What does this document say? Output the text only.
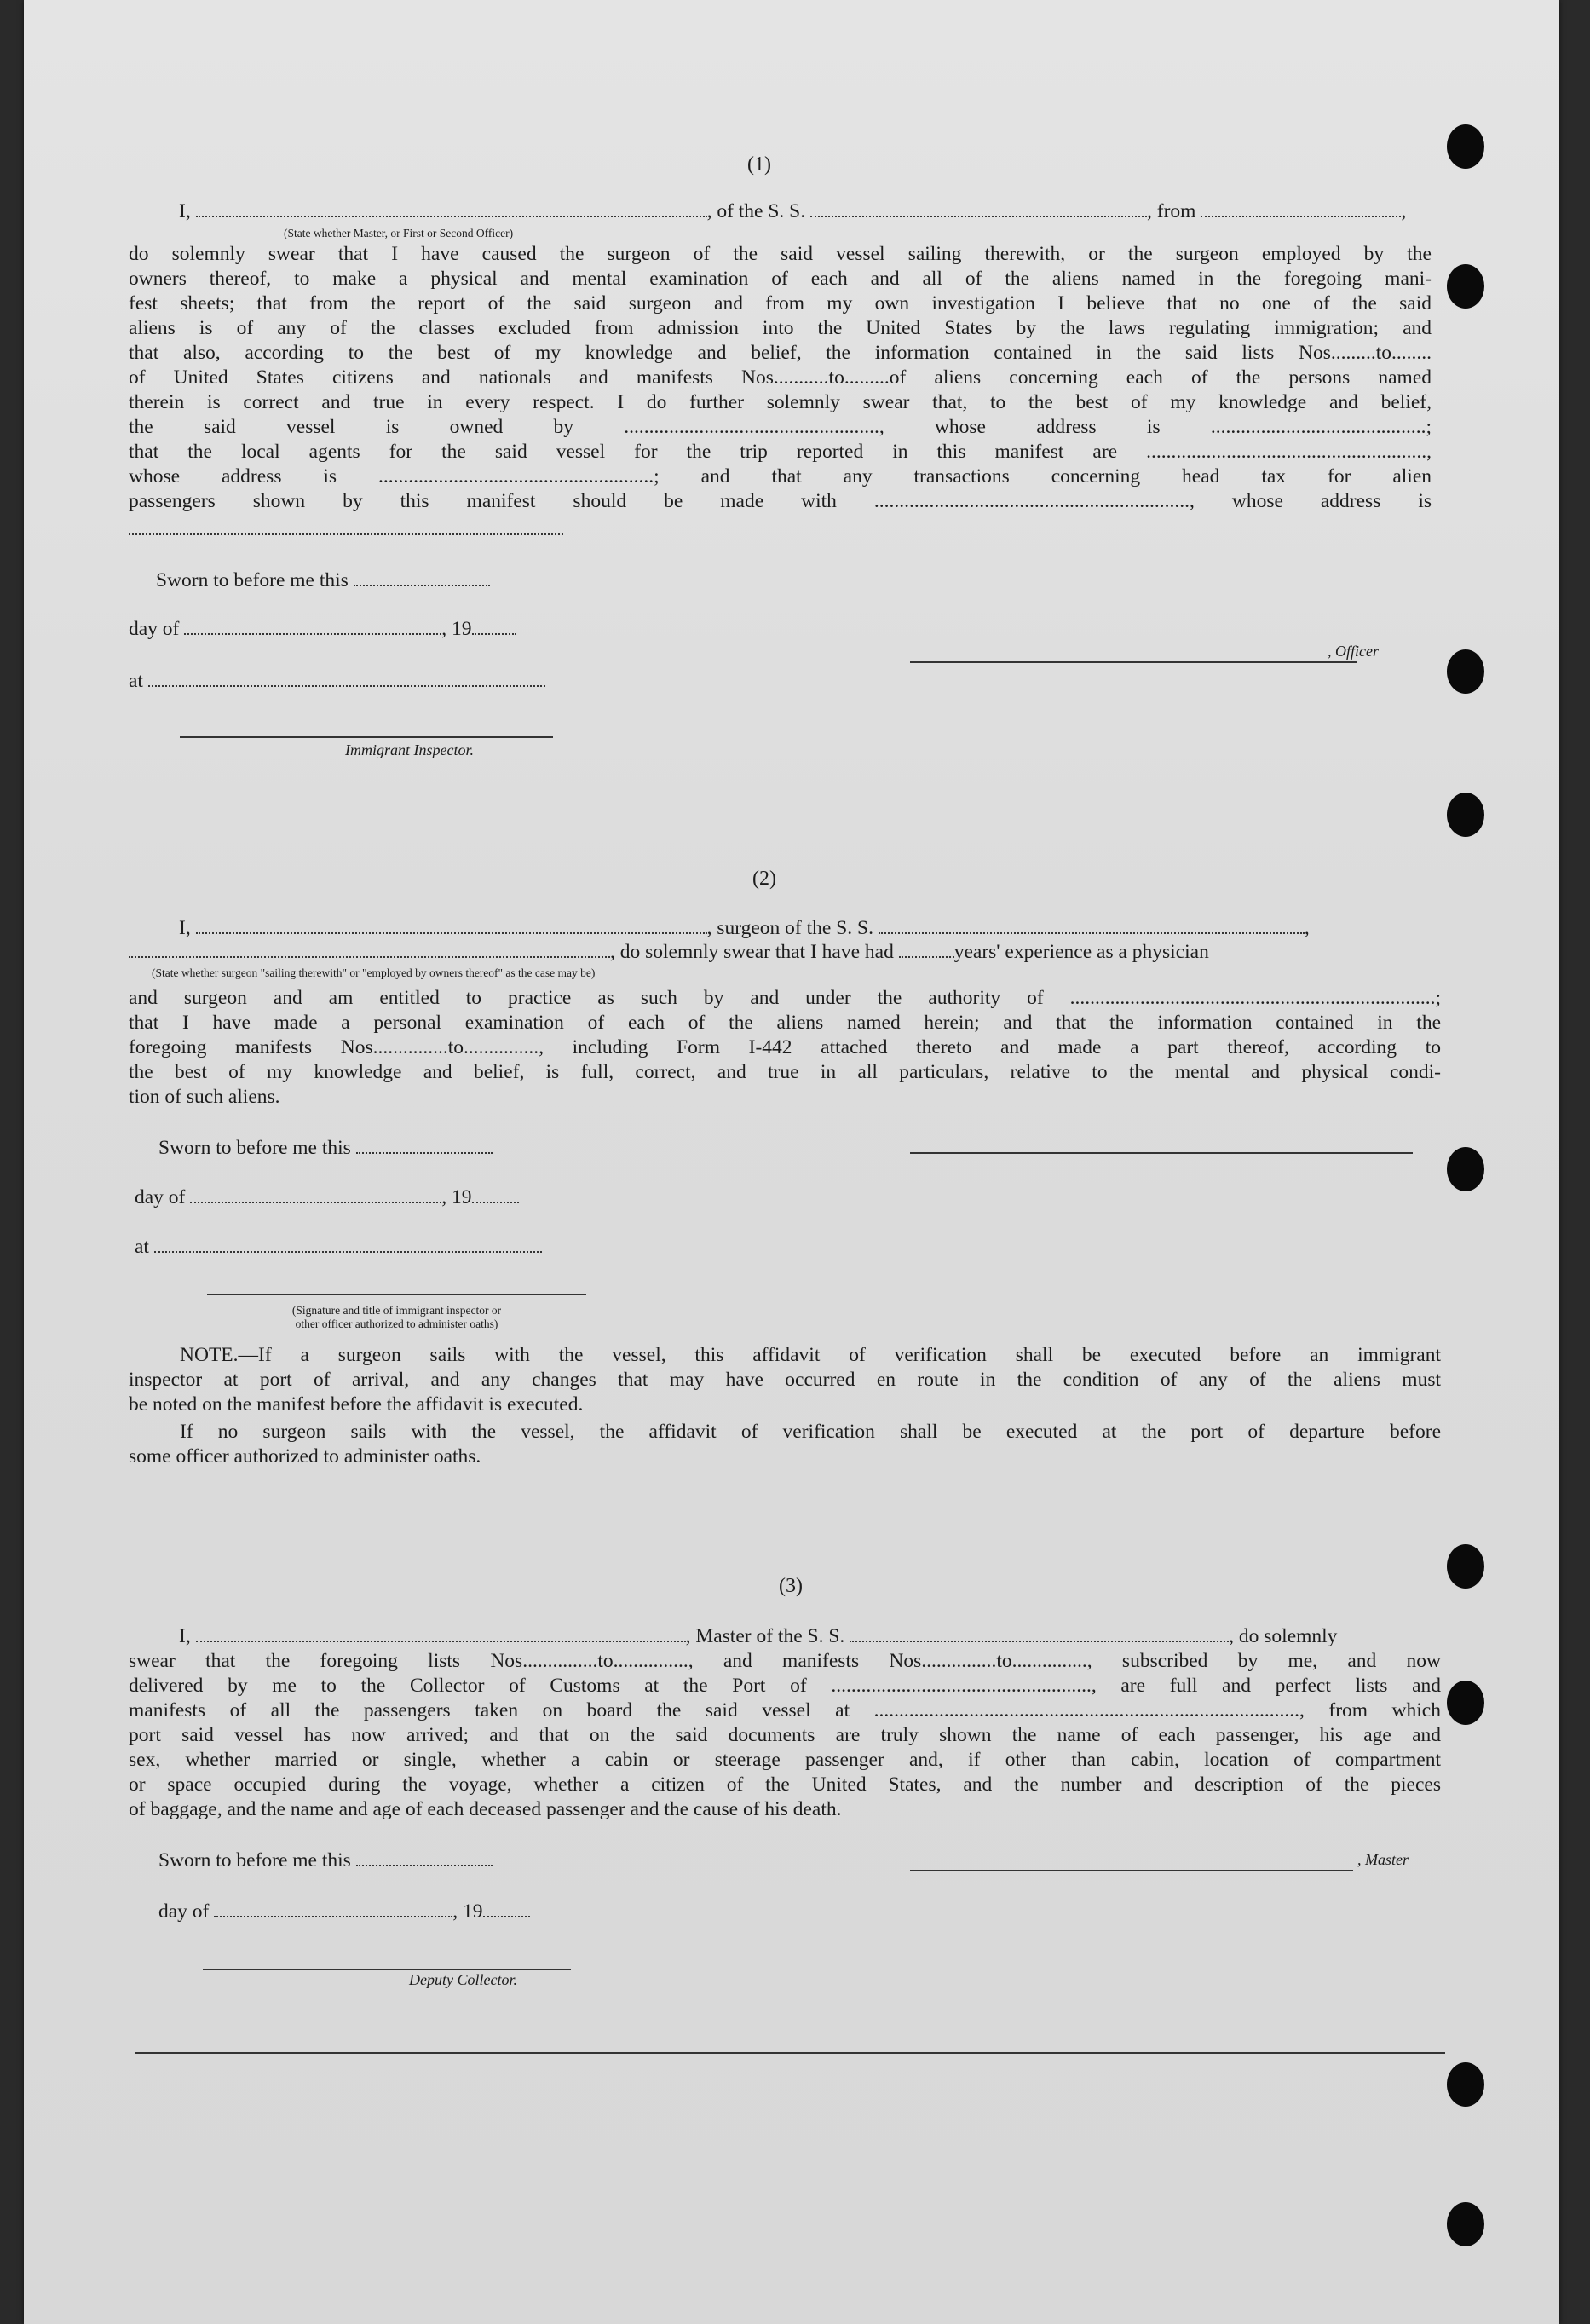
(1)
I,	, of the S. S.	, from	,
(State whether Master, or First or Second Officer)
do solemnly swear that I have caused the surgeon of the said vessel sailing therewith, or the surgeon employed by the
owners thereof, to make a physical and mental examination of each and all of the aliens named in the foregoing mani-
fest sheets; that from the report of the said surgeon and from my own investigation I believe that no one of the said
aliens is of any of the classes excluded from admission into the United States by the laws regulating immigration; and
that also, according to the best of my knowledge and belief, the information contained in the said lists Nos.........to........
of United States citizens and nationals and manifests Nos...........to.........of aliens concerning each of the persons named
therein is correct and true in every respect. I do further solemnly swear that, to the best of my knowledge and belief,
the said vessel is owned by ..................................................., whose address is ...........................................;
that the local agents for the said vessel for the trip reported in this manifest are ........................................................,
whose address is .......................................................; and that any transactions concerning head tax for alien
passengers shown by this manifest should be made with ..............................................................., whose address is
Sworn to before me this
day of	, 19
at
, Officer
Immigrant Inspector.
(2)
I,	, surgeon of the S. S.	,
, do solemnly swear that I have had	years' experience as a physician
(State whether surgeon "sailing therewith" or "employed by owners thereof" as the case may be)
and surgeon and am entitled to practice as such by and under the authority of .........................................................................;
that I have made a personal examination of each of the aliens named herein; and that the information contained in the
foregoing manifests Nos...............to..............., including Form I-442 attached thereto and made a part thereof, according to
the best of my knowledge and belief, is full, correct, and true in all particulars, relative to the mental and physical condi-
tion of such aliens.
Sworn to before me this
day of	, 19
at
(Signature and title of immigrant inspector or
other officer authorized to administer oaths)
NOTE.—If a surgeon sails with the vessel, this affidavit of verification shall be executed before an immigrant
inspector at port of arrival, and any changes that may have occurred en route in the condition of any of the aliens must
be noted on the manifest before the affidavit is executed.
If no surgeon sails with the vessel, the affidavit of verification shall be executed at the port of departure before
some officer authorized to administer oaths.
(3)
I,	, Master of the S. S.	, do solemnly
swear that the foregoing lists Nos...............to..............., and manifests Nos...............to..............., subscribed by me, and now
delivered by me to the Collector of Customs at the Port of ...................................................., are full and perfect lists and
manifests of all the passengers taken on board the said vessel at ....................................................................................., from which
port said vessel has now arrived; and that on the said documents are truly shown the name of each passenger, his age and
sex, whether married or single, whether a cabin or steerage passenger and, if other than cabin, location of compartment
or space occupied during the voyage, whether a citizen of the United States, and the number and description of the pieces
of baggage, and the name and age of each deceased passenger and the cause of his death.
Sworn to before me this	, Master
day of	, 19
Deputy Collector.
